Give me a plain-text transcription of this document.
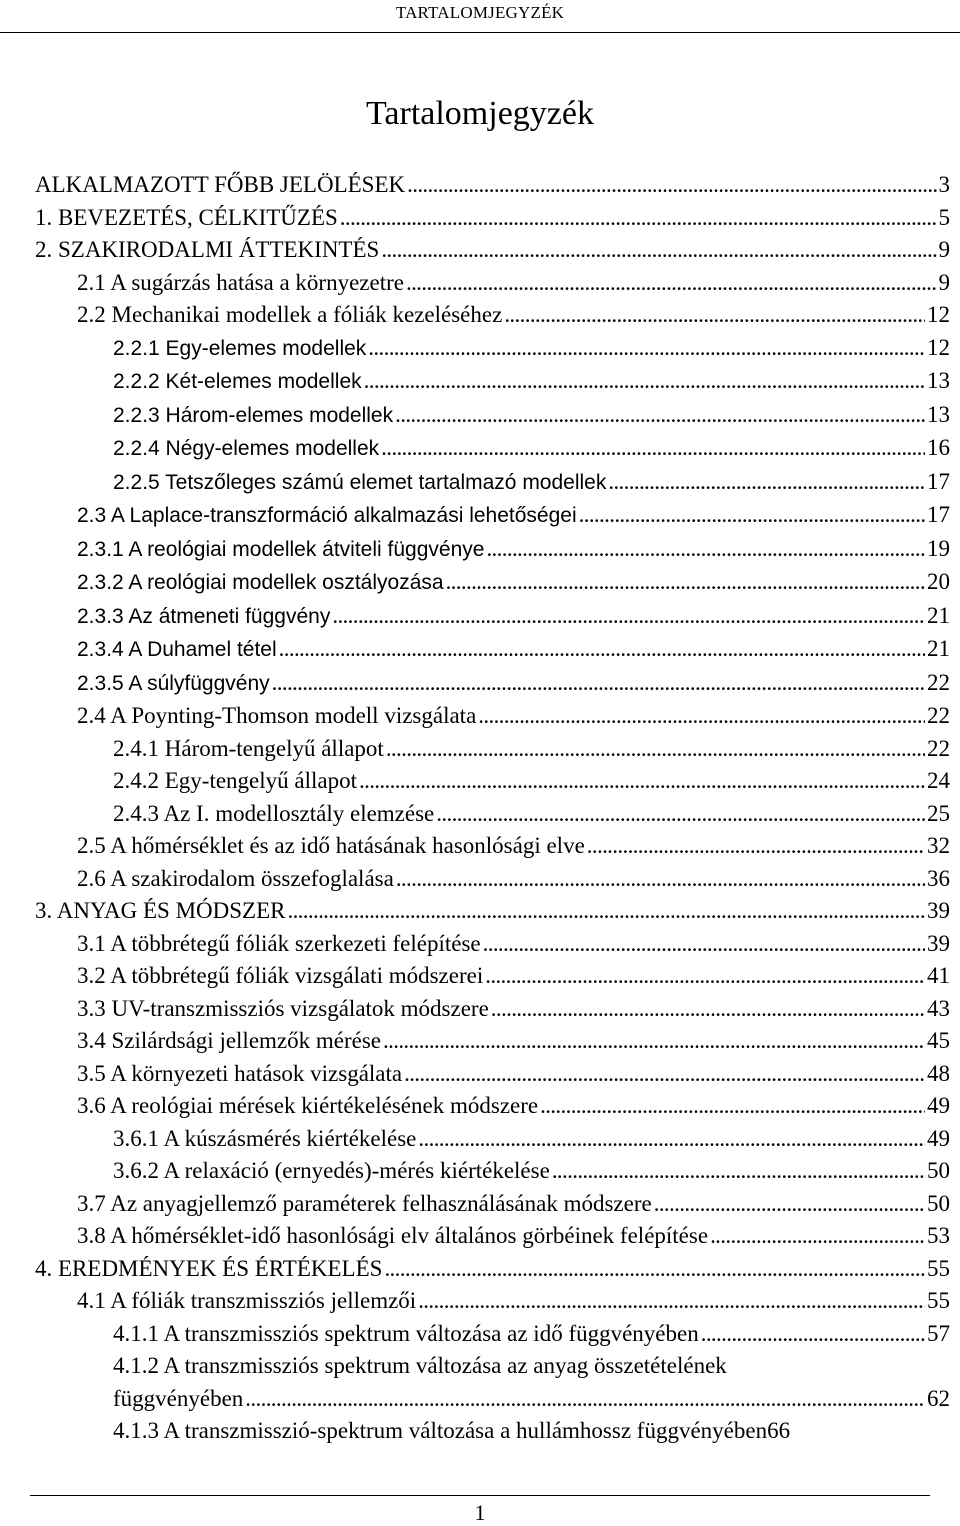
TARTALOMJEGYZÉK
Tartalomjegyzék
ALKALMAZOTT FŐBB JELÖLÉSEK . . .	3
1. BEVEZETÉS, CÉLKITŰZÉS . . .	5
2. SZAKIRODALMI ÁTTEKINTÉS . . .	9
2.1 A sugárzás hatása a környezetre . . .	9
2.2 Mechanikai modellek a fóliák kezeléséhez . . .	12
2.2.1 Egy-elemes modellek . . .	12
2.2.2 Két-elemes modellek . . .	13
2.2.3 Három-elemes modellek . . .	13
2.2.4 Négy-elemes modellek . . .	16
2.2.5 Tetszőleges számú elemet tartalmazó modellek . . .	17
2.3 A Laplace-transzformáció alkalmazási lehetőségei . . .	17
2.3.1 A reológiai modellek átviteli függvénye . . .	19
2.3.2 A reológiai modellek osztályozása . . .	20
2.3.3 Az átmeneti függvény . . .	21
2.3.4 A Duhamel tétel . . .	21
2.3.5 A súlyfüggvény . . .	22
2.4 A Poynting-Thomson modell vizsgálata . . .	22
2.4.1 Három-tengelyű állapot . . .	22
2.4.2 Egy-tengelyű állapot . . .	24
2.4.3 Az I. modellosztály elemzése . . .	25
2.5 A hőmérséklet és az idő hatásának hasonlósági elve . . .	32
2.6 A szakirodalom összefoglalása . . .	36
3. ANYAG ÉS MÓDSZER . . .	39
3.1 A többrétegű fóliák szerkezeti felépítése . . .	39
3.2 A többrétegű fóliák vizsgálati módszerei . . .	41
3.3 UV-transzmissziós vizsgálatok módszere . . .	43
3.4 Szilárdsági jellemzők mérése . . .	45
3.5 A környezeti hatások vizsgálata . . .	48
3.6 A reológiai mérések kiértékelésének módszere . . .	49
3.6.1 A kúszásmérés kiértékelése . . .	49
3.6.2 A relaxáció (ernyedés)-mérés kiértékelése . . .	50
3.7 Az anyagjellemző paraméterek felhasználásának módszere . . .	50
3.8 A hőmérséklet-idő hasonlósági elv általános görbéinek felépítése . . .	53
4. EREDMÉNYEK ÉS ÉRTÉKELÉS . . .	55
4.1 A fóliák transzmissziós jellemzői . . .	55
4.1.1 A transzmissziós spektrum változása az idő függvényében . . .	57
4.1.2 A transzmissziós spektrum változása az anyag összetételének
függvényében . . .	62
4.1.3 A transzmisszió-spektrum változása a hullámhossz függvényében 66
1
